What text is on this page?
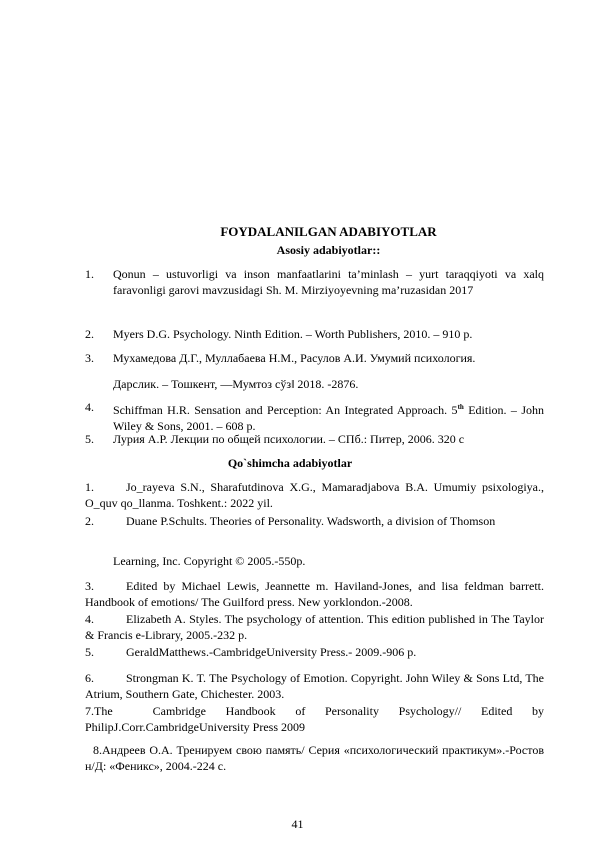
FOYDALANILGAN ADABIYOTLAR
Asosiy adabiyotlar::
1.	Qonun – ustuvorligi va inson manfaatlarini ta’minlash – yurt taraqqiyoti va xalq faravonligi garovi mavzusidagi Sh. M. Mirziyoyevning ma’ruzasidan 2017
2.	Myers D.G. Psychology. Ninth Edition. – Worth Publishers, 2010. – 910 p.
3.	Мухамедова Д.Г., Муллабаева Н.М., Расулов А.И. Умумий психология.
Дарслик. – Тошкент, ―Мумтоз сўз‖ 2018. -2876.
4.	Schiffman H.R. Sensation and Perception: An Integrated Approach. 5th Edition. – John Wiley & Sons, 2001. – 608 p.
5.	Лурия А.Р. Лекции по общей психологии. – СПб.: Питер, 2006. 320 с
Qo`shimcha adabiyotlar
1.	Jo_rayeva S.N., Sharafutdinova X.G., Mamaradjabova B.A. Umumiy psixologiya., O_quv qo_llanma. Toshkent.: 2022 yil.
2.	Duane P.Schults. Theories of Personality. Wadsworth, a division of Thomson
Learning, Inc. Copyright © 2005.-550p.
3.	Edited by Michael Lewis, Jeannette m. Haviland-Jones, and lisa feldman barrett. Handbook of emotions/ The Guilford press. New yorklondon.-2008.
4.	Elizabeth A. Styles. The psychology of attention. This edition published in The Taylor & Francis e-Library, 2005.-232 p.
5.	GeraldMatthews.-CambridgeUniversity Press.- 2009.-906 p.
6.	Strongman K. T. The Psychology of Emotion. Copyright. John Wiley & Sons Ltd, The Atrium, Southern Gate, Chichester. 2003.
7.The	Cambridge Handbook of Personality Psychology// Edited by PhilipJ.Corr.CambridgeUniversity Press 2009
8.Андреев О.А. Тренируем свою память/ Серия «психологический практикум».-Ростов н/Д: «Феникс», 2004.-224 с.
41
